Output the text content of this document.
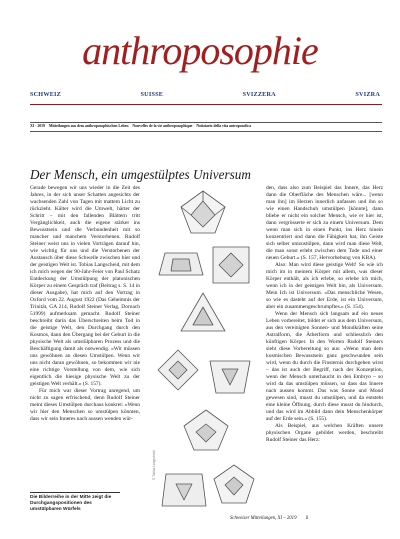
anthroposophie
SCHWEIZ	SUISSE	SVIZZERA	SVIZRA
XI · 2019 Mitteilungen aus dem anthroposophischen Leben Nouvelles de la vie anthroposophique Notiziario della vita antroposofica
Der Mensch, ein umgestülptes Universum

Gerade bewegen wir uns wieder in die Zeit des Jahres, in der sich unser Schatten angesichts der wachsenden Zahl von Tagen mit mattem Licht zu rückzieht. Kälter wird die Umwelt, härter der Schritt – mit den fallenden Blättern tritt Vergänglichkeit, auch die eigene stärker ins Bewusstsein und die Verbundenheit mit so mancher und manchem Verstorbenen. Rudolf Steiner weist uns in vielen Vorträgen darauf hin, wie wichtig für uns und die Verstorbenen der Austausch über diese Schwelle zwischen hier und der geistigen Welt ist. Tobias Langscheid, mit dem ich mich wegen der 90-Jahr-Feier von Paul Schatz Entdeckung der Umstülpung der platonischen Körper zu einem Gespräch traf (Beitrag s. S. 14 in dieser Ausgabe), hat mich auf den Vortrag in Oxford vom 22. August 1922 (Das Geheimnis der Trinität, GA 214, Rudolf Steiner Verlag, Dornach 51999) aufmerksam gemacht. Rudolf Steiner beschreibt darin das Überschreiten beim Tod in die geistige Welt, den Durchgang durch den Kosmos, dann den Übergang bei der Geburt in die physische Welt als umstülpbaren Prozess und die Beschäftigung damit als notwendig. «Wir müssen uns gewöhnen an diesen Umstülpen. Wenn wir uns nicht daran gewöhnen, so bekommen wir nie eine richtige Vorstellung von dem, wie sich eigentlich die hiesige physische Welt zu der geistigen Welt verhält.» (S. 157).

Für mich war dieser Vortrag anregend, um nicht zu sagen erfrischend, denn Rudolf Steiner meint dieses Umstülpen durchaus konkret: «Wenn wir hier den Menschen so umstülpen könnten, dass wir sein Inneres nach aussen wenden wür-

© Tobias Langscheid

den, dass also zum Beispiel das Innere, das Herz dann die Oberfläche des Menschen wäre... [wenn man ihn] im Herzen innerlich anfassen und ihn so wie einen Handschuh umstülpen [könnte], dann bliebe er nicht ein solcher Mensch, wie er hier ist, dann vergrösserte er sich zu einem Universum. Dem wenn man sich in einen Punkt, ins Herz hinein konzentriert und dann die Fähigkeit hat, ihn Geiste sich selber umzustülpen, dann wird man diese Welt, die man sonst erlebt zwischen dem Tode und einer neuen Geburt.» (S. 157, Hervorhebung von KBA).

Also: Man wird diese geistige Welt! So wie ich mich im in meinem Körper mit allem, was dieser Körper enthält, als ich erlebe, so erlebe ich mich, wenn ich in der geistigen Welt bin, als Universum. Mein Ich ist Universum. «Das menschliche Wesen, so wie es dasteht auf der Erde, ist ein Universum, aber ein zusammengeschrumpftes.» (S. 154).

Wenn der Mensch sich langsam auf ein neues Leben vorbereitet, bildet er sich aus dem Universum, aus den vereinigten Sonnen- und Mondkräften seine Astralform, die Ätherform und schliesslich den künftigen Körper. In den Worten Rudolf Steiners sieht diese Vorbereitung so aus: «Wenn man dem kosmischen Bewusstsein ganz geschwunden sein wird, wenn du durch die Finsternis durchgehen wirst – das ist auch der Begriff, nach der Konzeption, wenn der Mensch unterhaucht in den Embryo – so wird da das umstülpen müssen, so dass das Innere nach aussen kommt. Das was Sonne und Mond gewesen sind, musst du umstülpen, und da entsteht eine kleine Öffnung, durch diese musst du hindurch, und das wird im Abbild dann dein Menschenkörper auf der Erde sein.» (S. 155).

Als Beispiel, aus welchen Kräften unsere physischen Organe gebildet werden, beschreibt Rudolf Steiner das Herz:

Die Bilderreihe in der Mitte zeigt die Durchgangspositionen des umstülpbaren Würfels
Schweizer Mitteilungen, XI – 2019 1
